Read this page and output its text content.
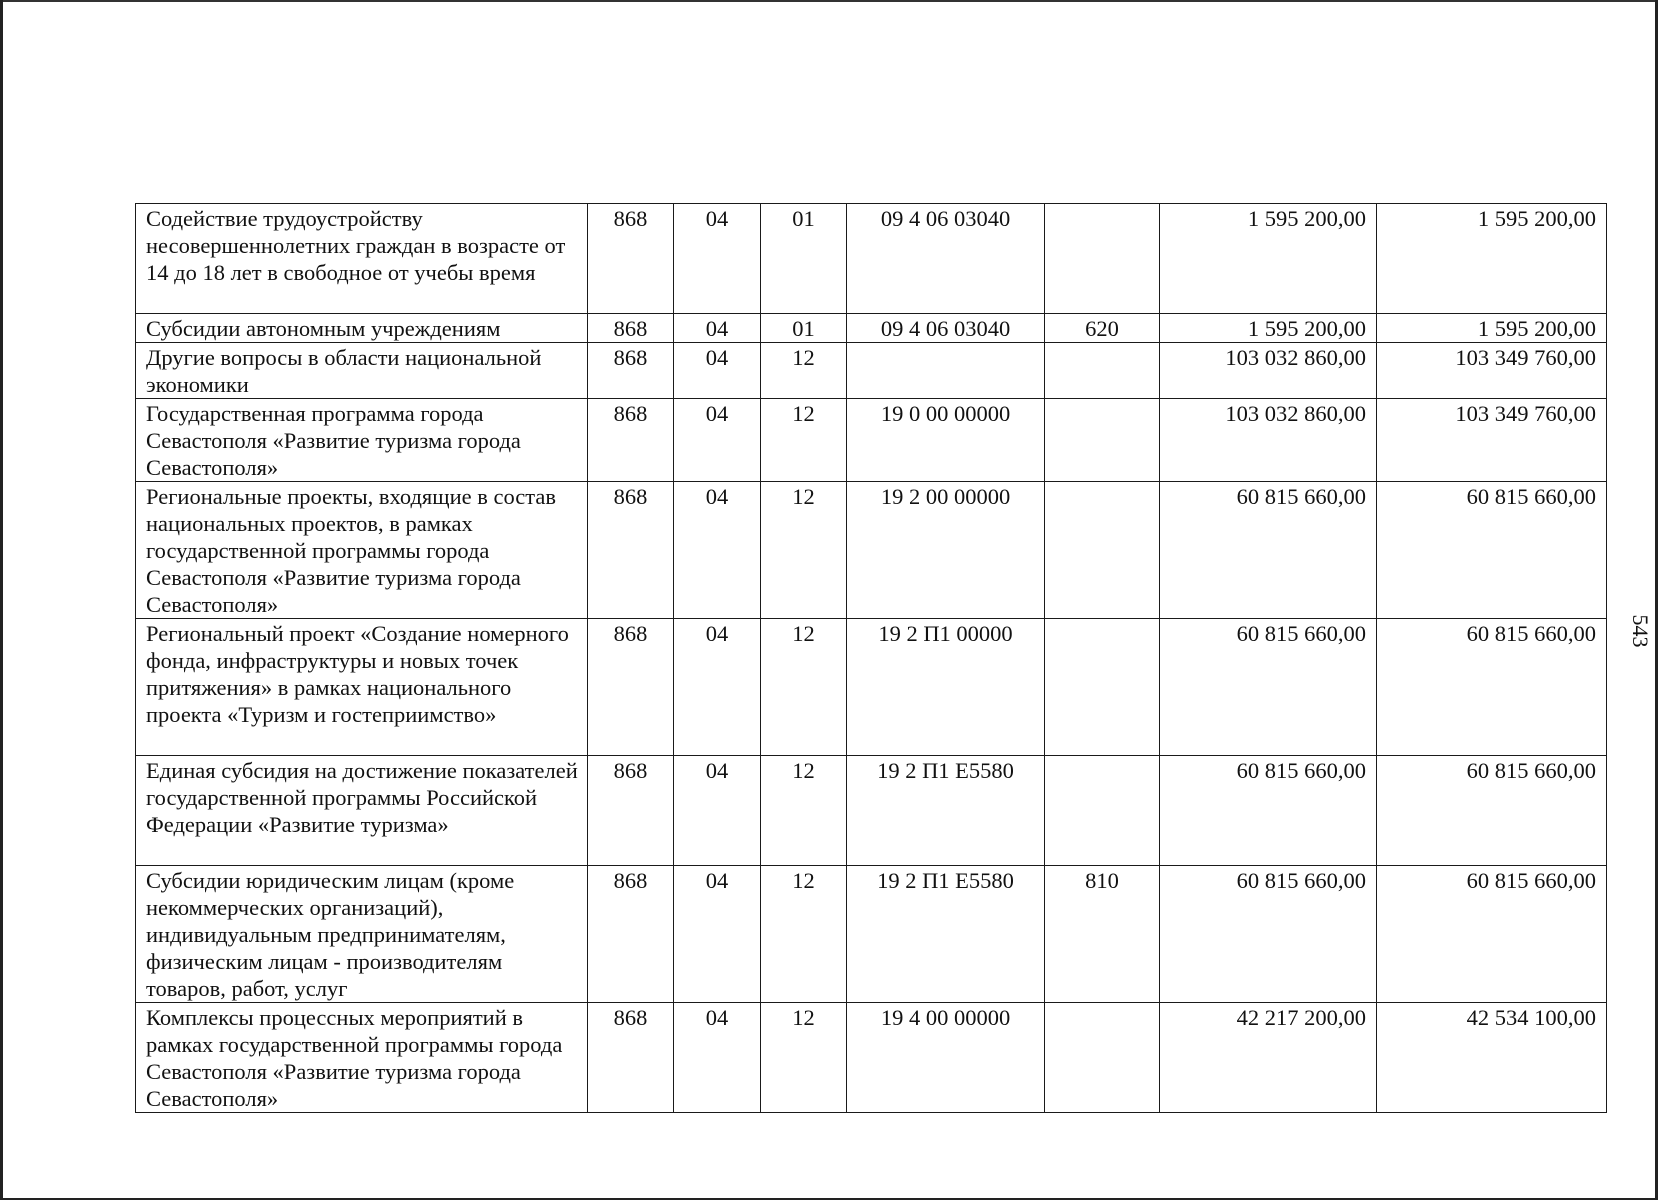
Содействие трудоустройству несовершеннолетних граждан в возрасте от 14 до 18 лет в свободное от учебы время	868	04	01	09 4 06 03040		1 595 200,00	1 595 200,00
Субсидии автономным учреждениям	868	04	01	09 4 06 03040	620	1 595 200,00	1 595 200,00
Другие вопросы в области национальной экономики	868	04	12			103 032 860,00	103 349 760,00
Государственная программа города Севастополя «Развитие туризма города Севастополя»	868	04	12	19 0 00 00000		103 032 860,00	103 349 760,00
Региональные проекты, входящие в состав национальных проектов, в рамках государственной программы города Севастополя «Развитие туризма города Севастополя»	868	04	12	19 2 00 00000		60 815 660,00	60 815 660,00
Региональный проект «Создание номерного фонда, инфраструктуры и новых точек притяжения» в рамках национального проекта «Туризм и гостеприимство»	868	04	12	19 2 П1 00000		60 815 660,00	60 815 660,00
Единая субсидия на достижение показателей государственной программы Российской Федерации «Развитие туризма»	868	04	12	19 2 П1 Е5580		60 815 660,00	60 815 660,00
Субсидии юридическим лицам (кроме некоммерческих организаций), индивидуальным предпринимателям, физическим лицам - производителям товаров, работ, услуг	868	04	12	19 2 П1 Е5580	810	60 815 660,00	60 815 660,00
Комплексы процессных мероприятий в рамках государственной программы города Севастополя «Развитие туризма города Севастополя»	868	04	12	19 4 00 00000		42 217 200,00	42 534 100,00
543
